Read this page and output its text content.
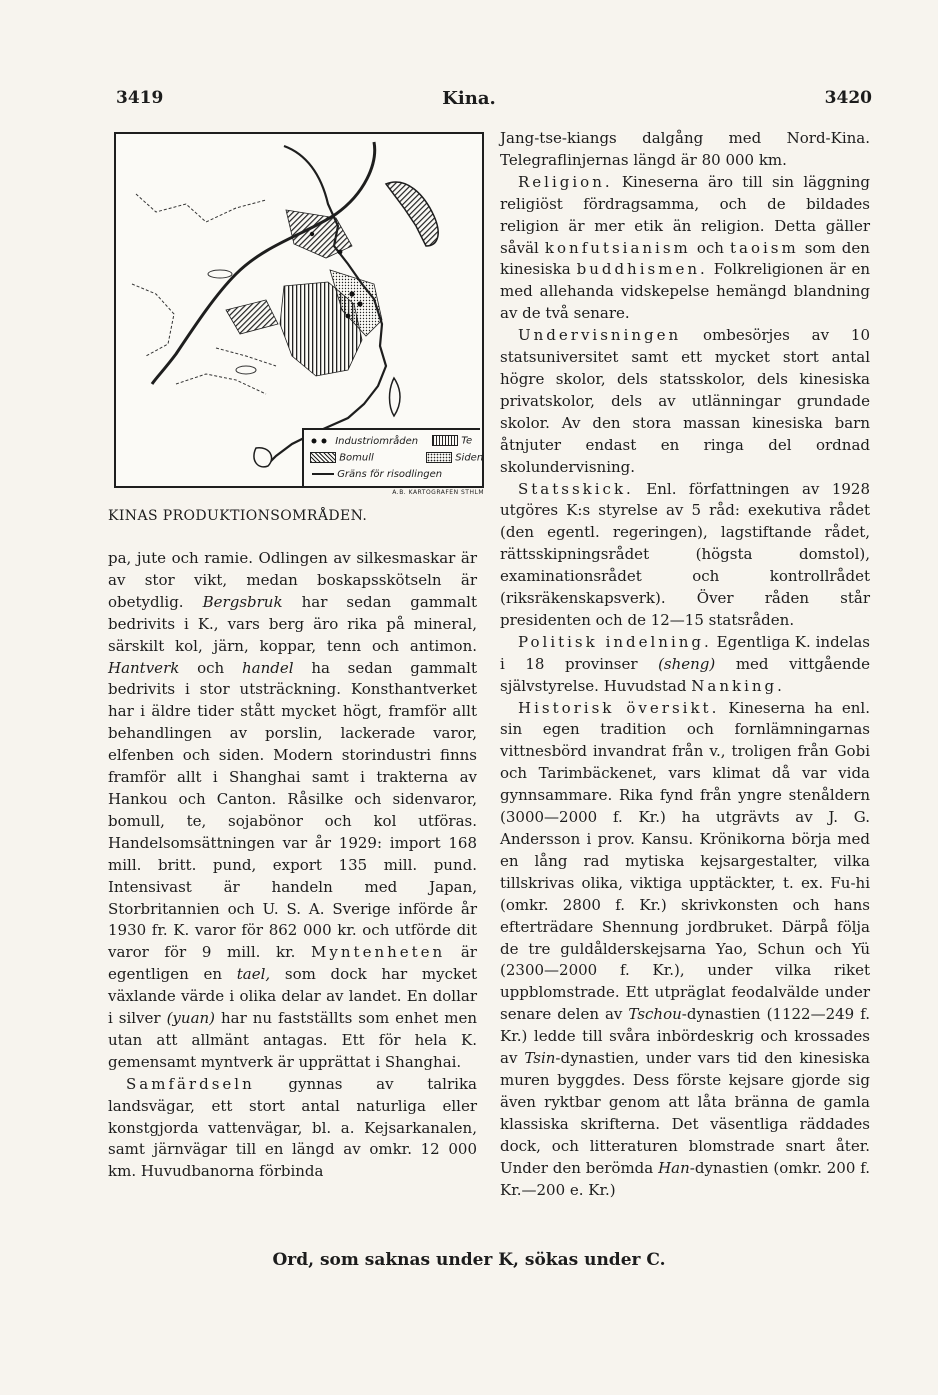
3419	Kina.	3420
Industriområden	Te
Bomull	Siden
Gräns för risodlingen
A.B. KARTOGRAFEN STHLM
KINAS PRODUKTIONSOMRÅDEN.

pa, jute och ramie. Odlingen av silkesmaskar är av stor vikt, medan boskapsskötseln är obetydlig. Bergsbruk har sedan gammalt bedrivits i K., vars berg äro rika på mineral, särskilt kol, järn, koppar, tenn och antimon. Hantverk och handel ha sedan gammalt bedrivits i stor utsträckning. Konsthantverket har i äldre tider stått mycket högt, framför allt behandlingen av porslin, lackerade varor, elfenben och siden. Modern storindustri finns framför allt i Shanghai samt i trakterna av Hankou och Canton. Råsilke och sidenvaror, bomull, te, sojabönor och kol utföras. Handelsomsättningen var år 1929: import 168 mill. britt. pund, export 135 mill. pund. Intensivast är handeln med Japan, Storbritannien och U. S. A. Sverige införde år 1930 fr. K. varor för 862 000 kr. och utförde dit varor för 9 mill. kr. Myntenheten är egentligen en tael, som dock har mycket växlande värde i olika delar av landet. En dollar i silver (yuan) har nu fastställts som enhet men utan att allmänt antagas. Ett för hela K. gemensamt myntverk är upprättat i Shanghai.

Samfärdseln gynnas av talrika landsvägar, ett stort antal naturliga eller konstgjorda vattenvägar, bl. a. Kejsarkanalen, samt järnvägar till en längd av omkr. 12 000 km. Huvudbanorna förbinda

Jang-tse-kiangs dalgång med Nord-Kina. Telegraflinjernas längd är 80 000 km.

Religion. Kineserna äro till sin läggning religiöst fördragsamma, och de bildades religion är mer etik än religion. Detta gäller såväl konfutsianism och taoism som den kinesiska buddhismen. Folkreligionen är en med allehanda vidskepelse hemängd blandning av de två senare.

Undervisningen ombesörjes av 10 statsuniversitet samt ett mycket stort antal högre skolor, dels statsskolor, dels kinesiska privatskolor, dels av utlänningar grundade skolor. Av den stora massan kinesiska barn åtnjuter endast en ringa del ordnad skolundervisning.

Statsskick. Enl. författningen av 1928 utgöres K:s styrelse av 5 råd: exekutiva rådet (den egentl. regeringen), lagstiftande rådet, rättsskipningsrådet (högsta domstol), examinationsrådet och kontrollrådet (riksräkenskapsverk). Över råden står presidenten och de 12—15 statsråden.

Politisk indelning. Egentliga K. indelas i 18 provinser (sheng) med vittgående självstyrelse. Huvudstad Nanking.

Historisk översikt. Kineserna ha enl. sin egen tradition och fornlämningarnas vittnesbörd invandrat från v., troligen från Gobi och Tarimbäckenet, vars klimat då var vida gynnsammare. Rika fynd från yngre stenåldern (3000—2000 f. Kr.) ha utgrävts av J. G. Andersson i prov. Kansu. Krönikorna börja med en lång rad mytiska kejsargestalter, vilka tillskrivas olika, viktiga upptäckter, t. ex. Fu-hi (omkr. 2800 f. Kr.) skrivkonsten och hans efterträdare Shennung jordbruket. Därpå följa de tre guldålderskejsarna Yao, Schun och Yü (2300—2000 f. Kr.), under vilka riket uppblomstrade. Ett utpräglat feodalvälde under senare delen av Tschou-dynastien (1122—249 f. Kr.) ledde till svåra inbördeskrig och krossades av Tsin-dynastien, under vars tid den kinesiska muren byggdes. Dess förste kejsare gjorde sig även ryktbar genom att låta bränna de gamla klassiska skrifterna. Det väsentliga räddades dock, och litteraturen blomstrade snart åter. Under den berömda Han-dynastien (omkr. 200 f. Kr.—200 e. Kr.)

Ord, som saknas under K, sökas under C.
